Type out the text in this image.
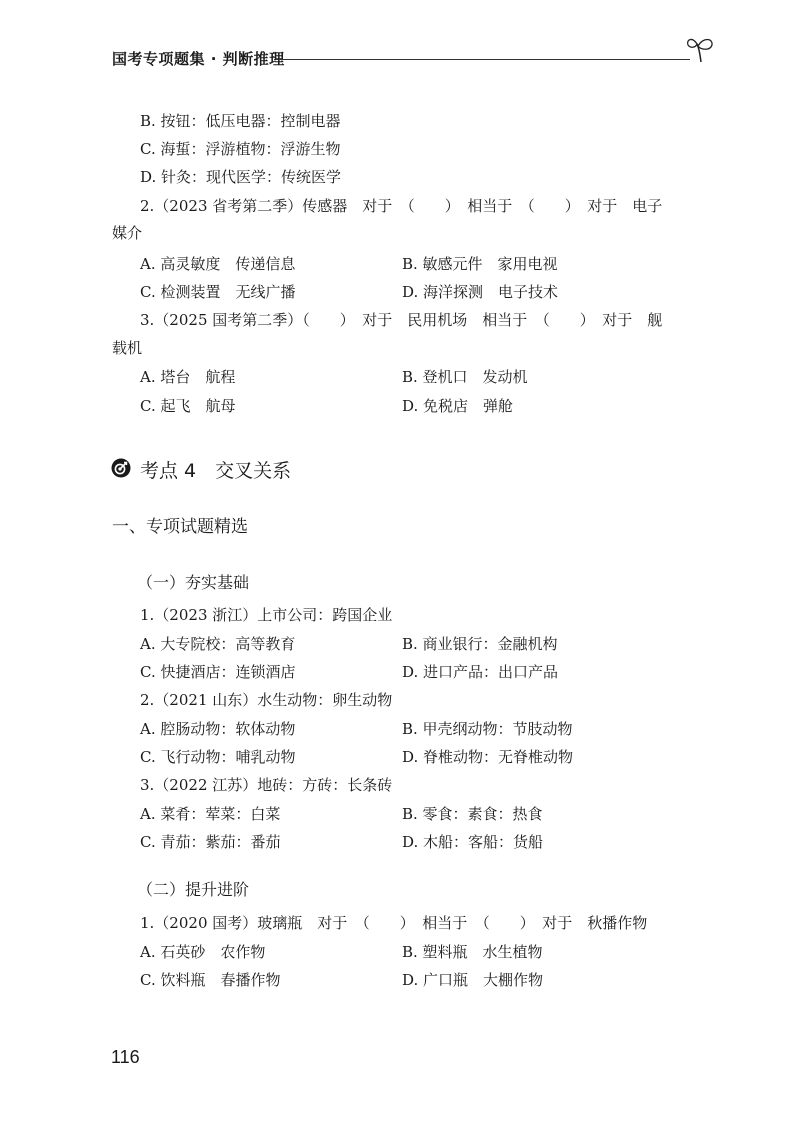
国考专项题集 · 判断推理
B. 按钮：低压电器：控制电器
C. 海蜇：浮游植物：浮游生物
D. 针灸：现代医学：传统医学
2.（2023 省考第二季）传感器　对于　（　　）　相当于　（　　）　对于　电子
媒介
A. 高灵敏度　传递信息	B. 敏感元件　家用电视
C. 检测装置　无线广播	D. 海洋探测　电子技术
3.（2025 国考第二季）（　　）　对于　民用机场　相当于　（　　）　对于　舰
载机
A. 塔台　航程	B. 登机口　发动机
C. 起飞　航母	D. 免税店　弹舱
考点 4　交叉关系
一、专项试题精选
（一）夯实基础
1.（2023 浙江）上市公司：跨国企业
A. 大专院校：高等教育	B. 商业银行：金融机构
C. 快捷酒店：连锁酒店	D. 进口产品：出口产品
2.（2021 山东）水生动物：卵生动物
A. 腔肠动物：软体动物	B. 甲壳纲动物：节肢动物
C. 飞行动物：哺乳动物	D. 脊椎动物：无脊椎动物
3.（2022 江苏）地砖：方砖：长条砖
A. 菜肴：荤菜：白菜	B. 零食：素食：热食
C. 青茄：紫茄：番茄	D. 木船：客船：货船
（二）提升进阶
1.（2020 国考）玻璃瓶　对于　（　　）　相当于　（　　）　对于　秋播作物
A. 石英砂　农作物	B. 塑料瓶　水生植物
C. 饮料瓶　春播作物	D. 广口瓶　大棚作物
116
